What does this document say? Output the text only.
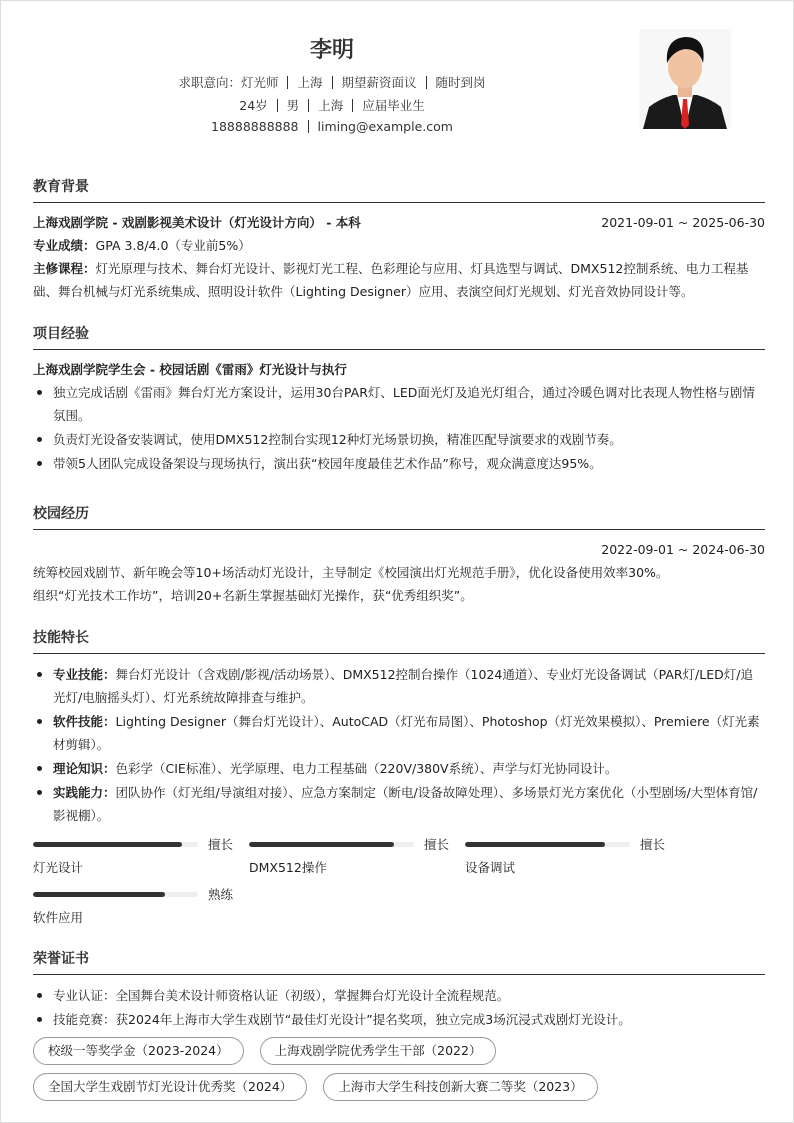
李明
求职意向：灯光师 上海 期望薪资面议 随时到岗
24岁 男 上海 应届毕业生
18888888888 liming@example.com
教育背景
上海戏剧学院 - 戏剧影视美术设计（灯光设计方向） - 本科	2021-09-01 ~ 2025-06-30

专业成绩：GPA 3.8/4.0（专业前5%）

主修课程：灯光原理与技术、舞台灯光设计、影视灯光工程、色彩理论与应用、灯具选型与调试、DMX512控制系统、电力工程基础、舞台机械与灯光系统集成、照明设计软件（Lighting Designer）应用、表演空间灯光规划、灯光音效协同设计等。

项目经验
上海戏剧学院学生会 - 校园话剧《雷雨》灯光设计与执行
独立完成话剧《雷雨》舞台灯光方案设计，运用30台PAR灯、LED面光灯及追光灯组合，通过冷暖色调对比表现人物性格与剧情氛围。
负责灯光设备安装调试，使用DMX512控制台实现12种灯光场景切换，精准匹配导演要求的戏剧节奏。
带领5人团队完成设备架设与现场执行，演出获“校园年度最佳艺术作品”称号，观众满意度达95%。
校园经历
2022-09-01 ~ 2024-06-30

统筹校园戏剧节、新年晚会等10+场活动灯光设计，主导制定《校园演出灯光规范手册》，优化设备使用效率30%。

组织“灯光技术工作坊”，培训20+名新生掌握基础灯光操作，获“优秀组织奖”。

技能特长
专业技能：舞台灯光设计（含戏剧/影视/活动场景）、DMX512控制台操作（1024通道）、专业灯光设备调试（PAR灯/LED灯/追光灯/电脑摇头灯）、灯光系统故障排查与维护。
软件技能：Lighting Designer（舞台灯光设计）、AutoCAD（灯光布局图）、Photoshop（灯光效果模拟）、Premiere（灯光素材剪辑）。
理论知识：色彩学（CIE标准）、光学原理、电力工程基础（220V/380V系统）、声学与灯光协同设计。
实践能力：团队协作（灯光组/导演组对接）、应急方案制定（断电/设备故障处理）、多场景灯光方案优化（小型剧场/大型体育馆/影视棚）。
擅长
灯光设计
擅长
DMX512操作
擅长
设备调试
熟练
软件应用
荣誉证书
专业认证：全国舞台美术设计师资格认证（初级），掌握舞台灯光设计全流程规范。
技能竞赛：获2024年上海市大学生戏剧节“最佳灯光设计”提名奖项，独立完成3场沉浸式戏剧灯光设计。
校级一等奖学金（2023-2024）	上海戏剧学院优秀学生干部（2022）
全国大学生戏剧节灯光设计优秀奖（2024）	上海市大学生科技创新大赛二等奖（2023）
